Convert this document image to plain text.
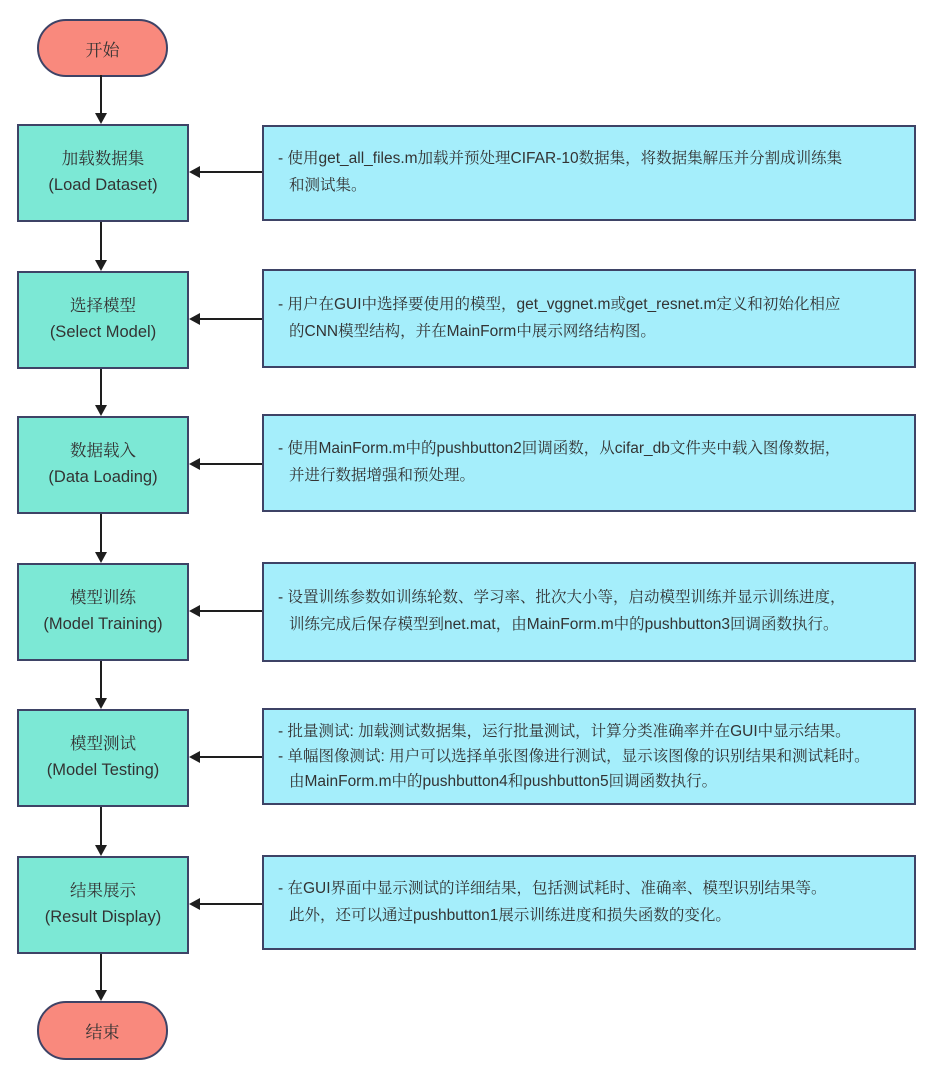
开始
加载数据集
(Load Dataset)
- 使用get_all_files.m加载并预处理CIFAR-10数据集，将数据集解压并分割成训练集
和测试集。
选择模型
(Select Model)
- 用户在GUI中选择要使用的模型，get_vggnet.m或get_resnet.m定义和初始化相应
的CNN模型结构，并在MainForm中展示网络结构图。
数据载入
(Data Loading)
- 使用MainForm.m中的pushbutton2回调函数，从cifar_db文件夹中载入图像数据，
并进行数据增强和预处理。
模型训练
(Model Training)
- 设置训练参数如训练轮数、学习率、批次大小等，启动模型训练并显示训练进度，
训练完成后保存模型到net.mat，由MainForm.m中的pushbutton3回调函数执行。
模型测试
(Model Testing)
- 批量测试: 加载测试数据集，运行批量测试，计算分类准确率并在GUI中显示结果。
- 单幅图像测试: 用户可以选择单张图像进行测试，显示该图像的识别结果和测试耗时。
由MainForm.m中的pushbutton4和pushbutton5回调函数执行。
结果展示
(Result Display)
- 在GUI界面中显示测试的详细结果，包括测试耗时、准确率、模型识别结果等。
此外，还可以通过pushbutton1展示训练进度和损失函数的变化。
结束
